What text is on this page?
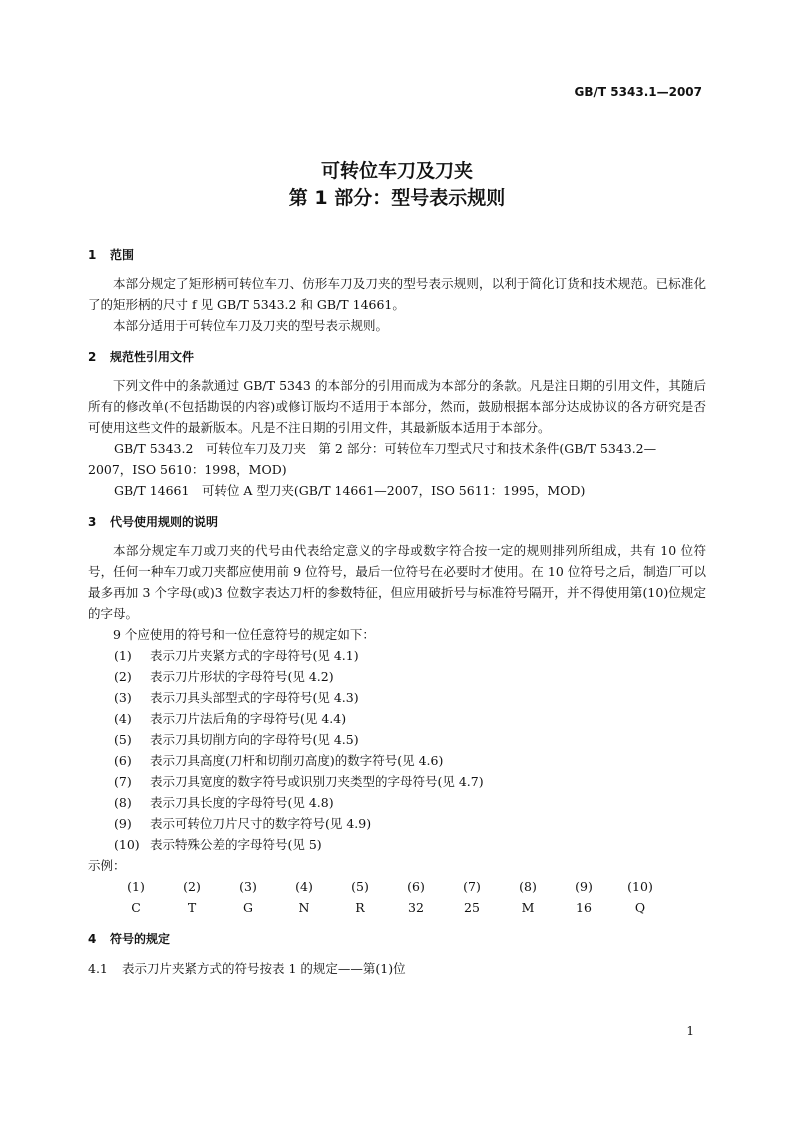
GB/T 5343.1—2007
可转位车刀及刀夹
第 1 部分：型号表示规则
1 范围

本部分规定了矩形柄可转位车刀、仿形车刀及刀夹的型号表示规则，以利于简化订货和技术规范。已标准化了的矩形柄的尺寸 f 见 GB/T 5343.2 和 GB/T 14661。

本部分适用于可转位车刀及刀夹的型号表示规则。

2 规范性引用文件

下列文件中的条款通过 GB/T 5343 的本部分的引用而成为本部分的条款。凡是注日期的引用文件，其随后所有的修改单(不包括勘误的内容)或修订版均不适用于本部分，然而，鼓励根据本部分达成协议的各方研究是否可使用这些文件的最新版本。凡是不注日期的引用文件，其最新版本适用于本部分。

GB/T 5343.2　可转位车刀及刀夹　第 2 部分：可转位车刀型式尺寸和技术条件(GB/T 5343.2—
2007，ISO 5610：1998，MOD)
GB/T 14661　可转位 A 型刀夹(GB/T 14661—2007，ISO 5611：1995，MOD)
3 代号使用规则的说明

本部分规定车刀或刀夹的代号由代表给定意义的字母或数字符合按一定的规则排列所组成，共有 10 位符号，任何一种车刀或刀夹都应使用前 9 位符号，最后一位符号在必要时才使用。在 10 位符号之后，制造厂可以最多再加 3 个字母(或)3 位数字表达刀杆的参数特征，但应用破折号与标准符号隔开，并不得使用第(10)位规定的字母。

9 个应使用的符号和一位任意符号的规定如下：

(1) 表示刀片夹紧方式的字母符号(见 4.1)
(2) 表示刀片形状的字母符号(见 4.2)
(3) 表示刀具头部型式的字母符号(见 4.3)
(4) 表示刀片法后角的字母符号(见 4.4)
(5) 表示刀具切削方向的字母符号(见 4.5)
(6) 表示刀具高度(刀杆和切削刃高度)的数字符号(见 4.6)
(7) 表示刀具宽度的数字符号或识别刀夹类型的字母符号(见 4.7)
(8) 表示刀具长度的字母符号(见 4.8)
(9) 表示可转位刀片尺寸的数字符号(见 4.9)
(10) 表示特殊公差的字母符号(见 5)
示例：
(1)	(2)	(3)	(4)	(5)	(6)	(7)	(8)	(9)	(10)
C	T	G	N	R	32	25	M	16	Q
4 符号的规定
4.1 表示刀片夹紧方式的符号按表 1 的规定——第(1)位
1
